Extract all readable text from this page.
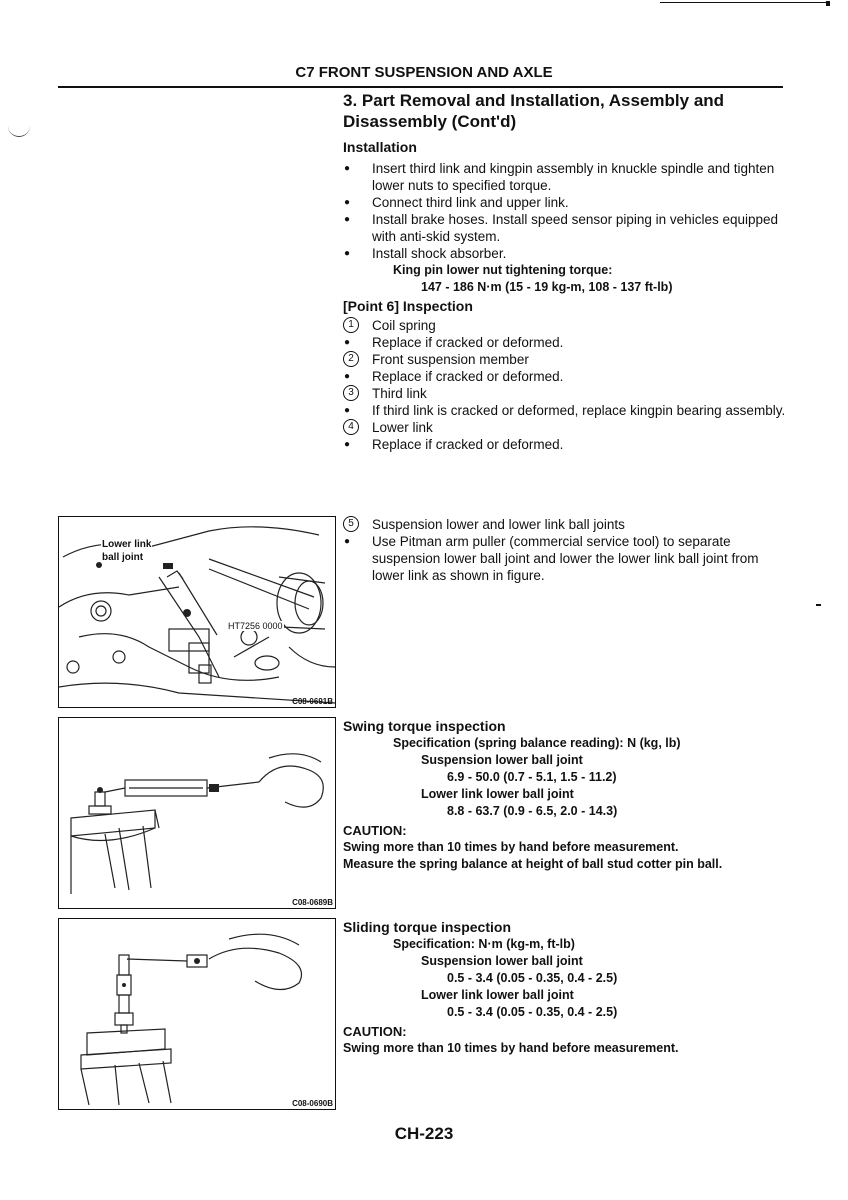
C7 FRONT SUSPENSION AND AXLE
3. Part Removal and Installation, Assembly and Disassembly (Cont'd)
Installation
● Insert third link and kingpin assembly in knuckle spindle and tighten lower nuts to specified torque.
● Connect third link and upper link.
● Install brake hoses. Install speed sensor piping in vehicles equipped with anti-skid system.
● Install shock absorber.
King pin lower nut tightening torque:
147 - 186 N·m (15 - 19 kg-m, 108 - 137 ft-lb)
[Point 6] Inspection
1	Coil spring
● Replace if cracked or deformed.
2	Front suspension member
● Replace if cracked or deformed.
3	Third link
● If third link is cracked or deformed, replace kingpin bearing assembly.
4	Lower link
● Replace if cracked or deformed.
5	Suspension lower and lower link ball joints
● Use Pitman arm puller (commercial service tool) to separate suspension lower ball joint and lower the lower link ball joint from lower link as shown in figure.
Lower link
ball joint
HT7256 0000
C08-0691B
Swing torque inspection
Specification (spring balance reading): N (kg, lb)
Suspension lower ball joint
6.9 - 50.0 (0.7 - 5.1, 1.5 - 11.2)
Lower link lower ball joint
8.8 - 63.7 (0.9 - 6.5, 2.0 - 14.3)
CAUTION:
Swing more than 10 times by hand before measurement.
Measure the spring balance at height of ball stud cotter pin ball.
C08-0689B
Sliding torque inspection
Specification: N·m (kg-m, ft-lb)
Suspension lower ball joint
0.5 - 3.4 (0.05 - 0.35, 0.4 - 2.5)
Lower link lower ball joint
0.5 - 3.4 (0.05 - 0.35, 0.4 - 2.5)
CAUTION:
Swing more than 10 times by hand before measurement.
C08-0690B
CH-223
